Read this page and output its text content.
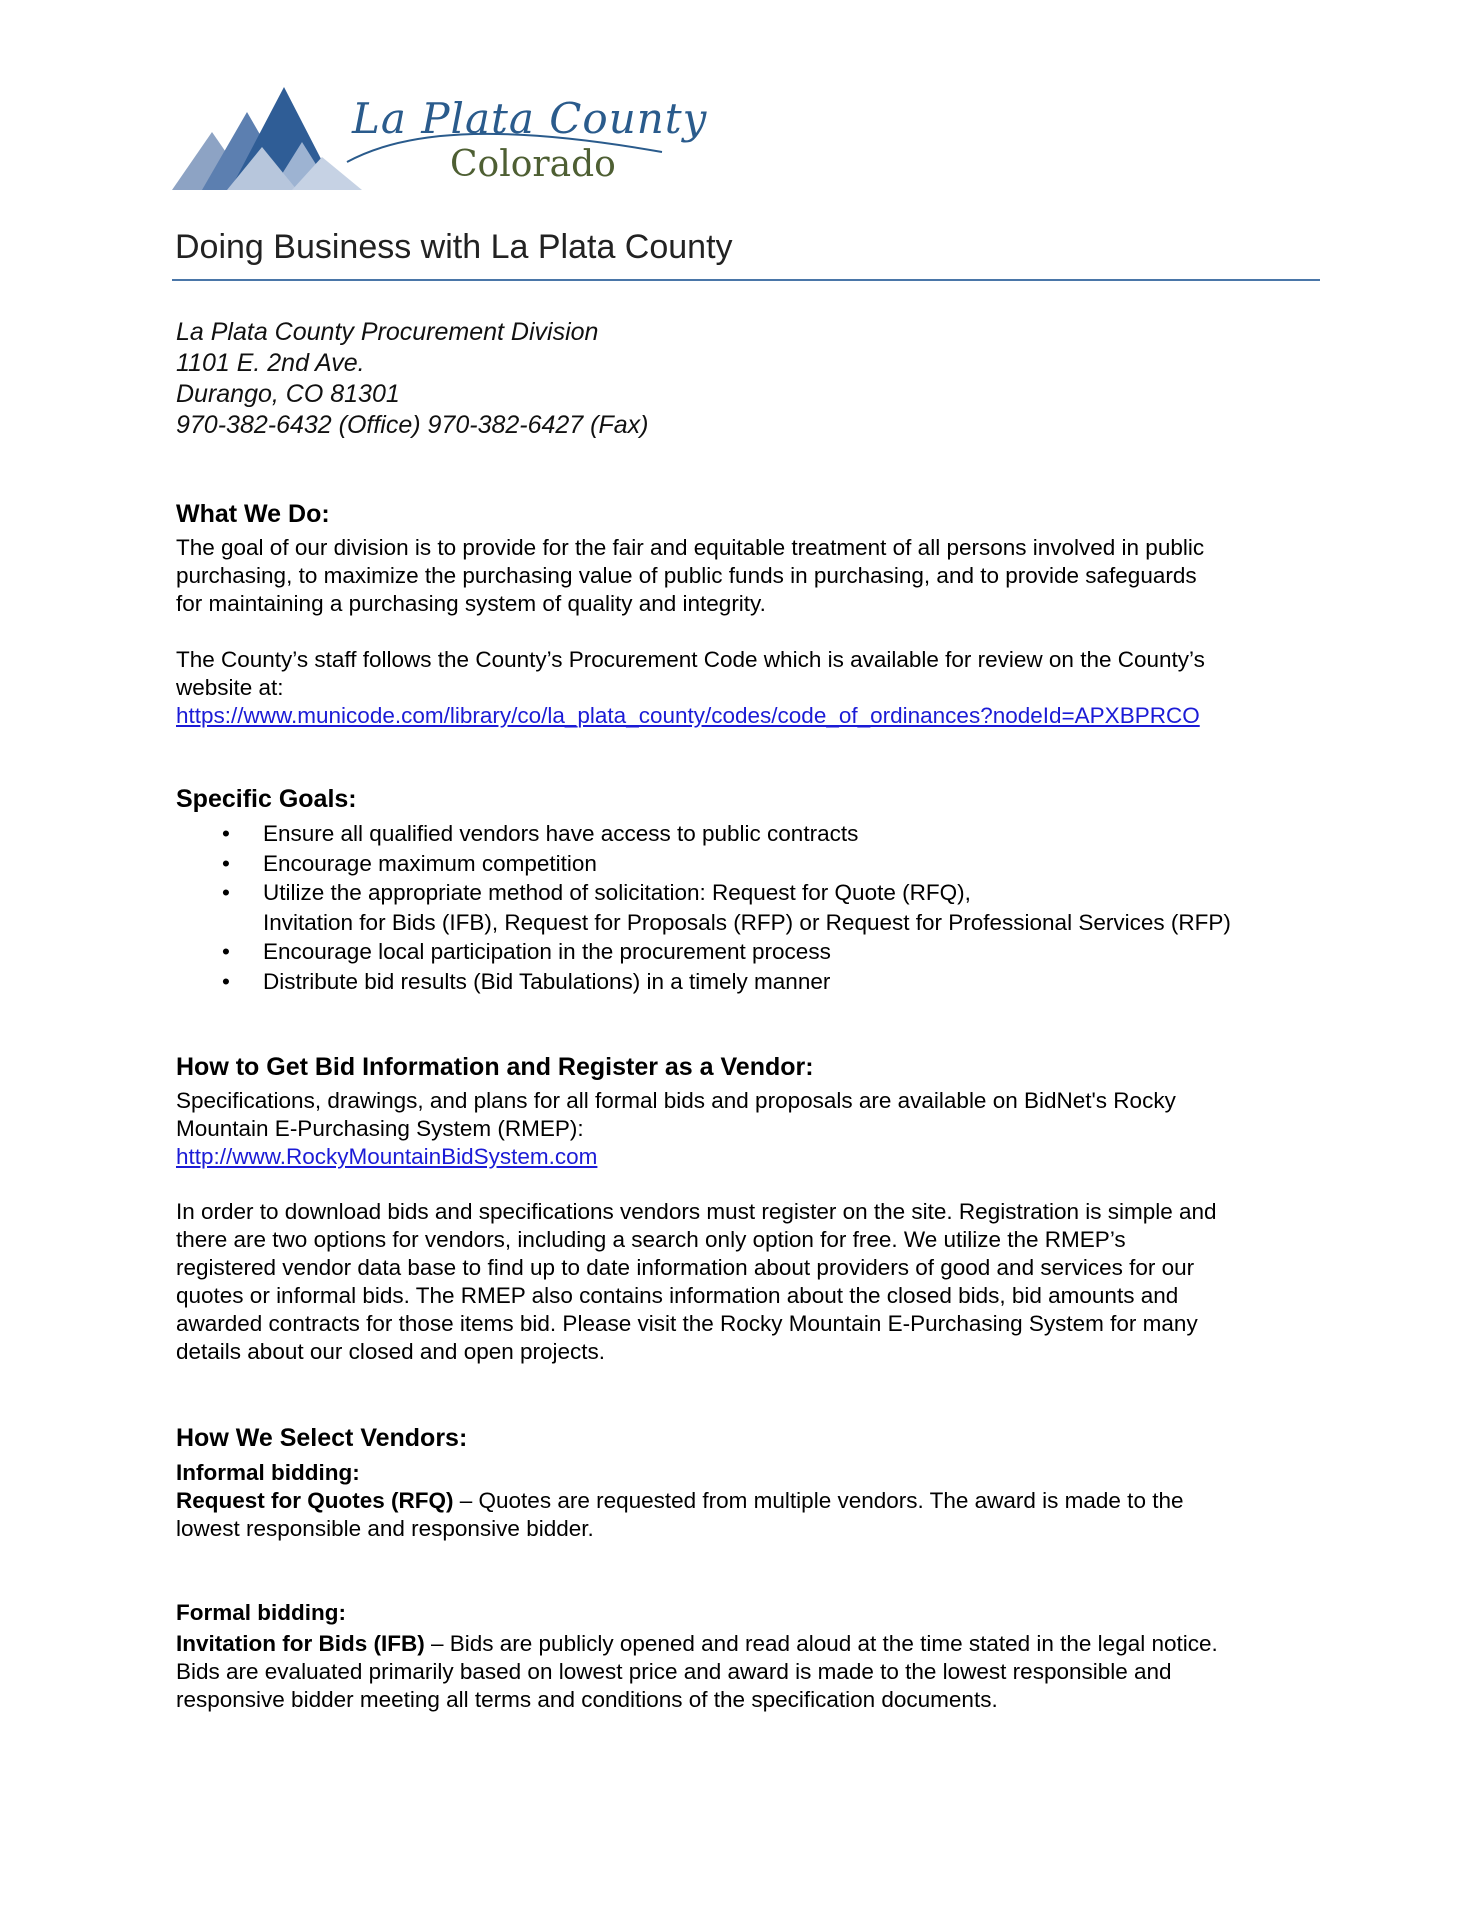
La Plata County
Colorado
Doing Business with La Plata County
La Plata County Procurement Division
1101 E. 2nd Ave.
Durango, CO 81301
970-382-6432 (Office) 970-382-6427 (Fax)
What We Do:
The goal of our division is to provide for the fair and equitable treatment of all persons involved in public
purchasing, to maximize the purchasing value of public funds in purchasing, and to provide safeguards
for maintaining a purchasing system of quality and integrity.
The County’s staff follows the County’s Procurement Code which is available for review on the County’s
website at:
https://www.municode.com/library/co/la_plata_county/codes/code_of_ordinances?nodeId=APXBPRCO
Specific Goals:
• Ensure all qualified vendors have access to public contracts
• Encourage maximum competition
• Utilize the appropriate method of solicitation: Request for Quote (RFQ),
Invitation for Bids (IFB), Request for Proposals (RFP) or Request for Professional Services (RFP)
• Encourage local participation in the procurement process
• Distribute bid results (Bid Tabulations) in a timely manner
How to Get Bid Information and Register as a Vendor:
Specifications, drawings, and plans for all formal bids and proposals are available on BidNet's Rocky
Mountain E-Purchasing System (RMEP):
http://www.RockyMountainBidSystem.com
In order to download bids and specifications vendors must register on the site. Registration is simple and
there are two options for vendors, including a search only option for free. We utilize the RMEP’s
registered vendor data base to find up to date information about providers of good and services for our
quotes or informal bids. The RMEP also contains information about the closed bids, bid amounts and
awarded contracts for those items bid. Please visit the Rocky Mountain E-Purchasing System for many
details about our closed and open projects.
How We Select Vendors:
Informal bidding:
Request for Quotes (RFQ) – Quotes are requested from multiple vendors. The award is made to the
lowest responsible and responsive bidder.
Formal bidding:
Invitation for Bids (IFB) – Bids are publicly opened and read aloud at the time stated in the legal notice.
Bids are evaluated primarily based on lowest price and award is made to the lowest responsible and
responsive bidder meeting all terms and conditions of the specification documents.
